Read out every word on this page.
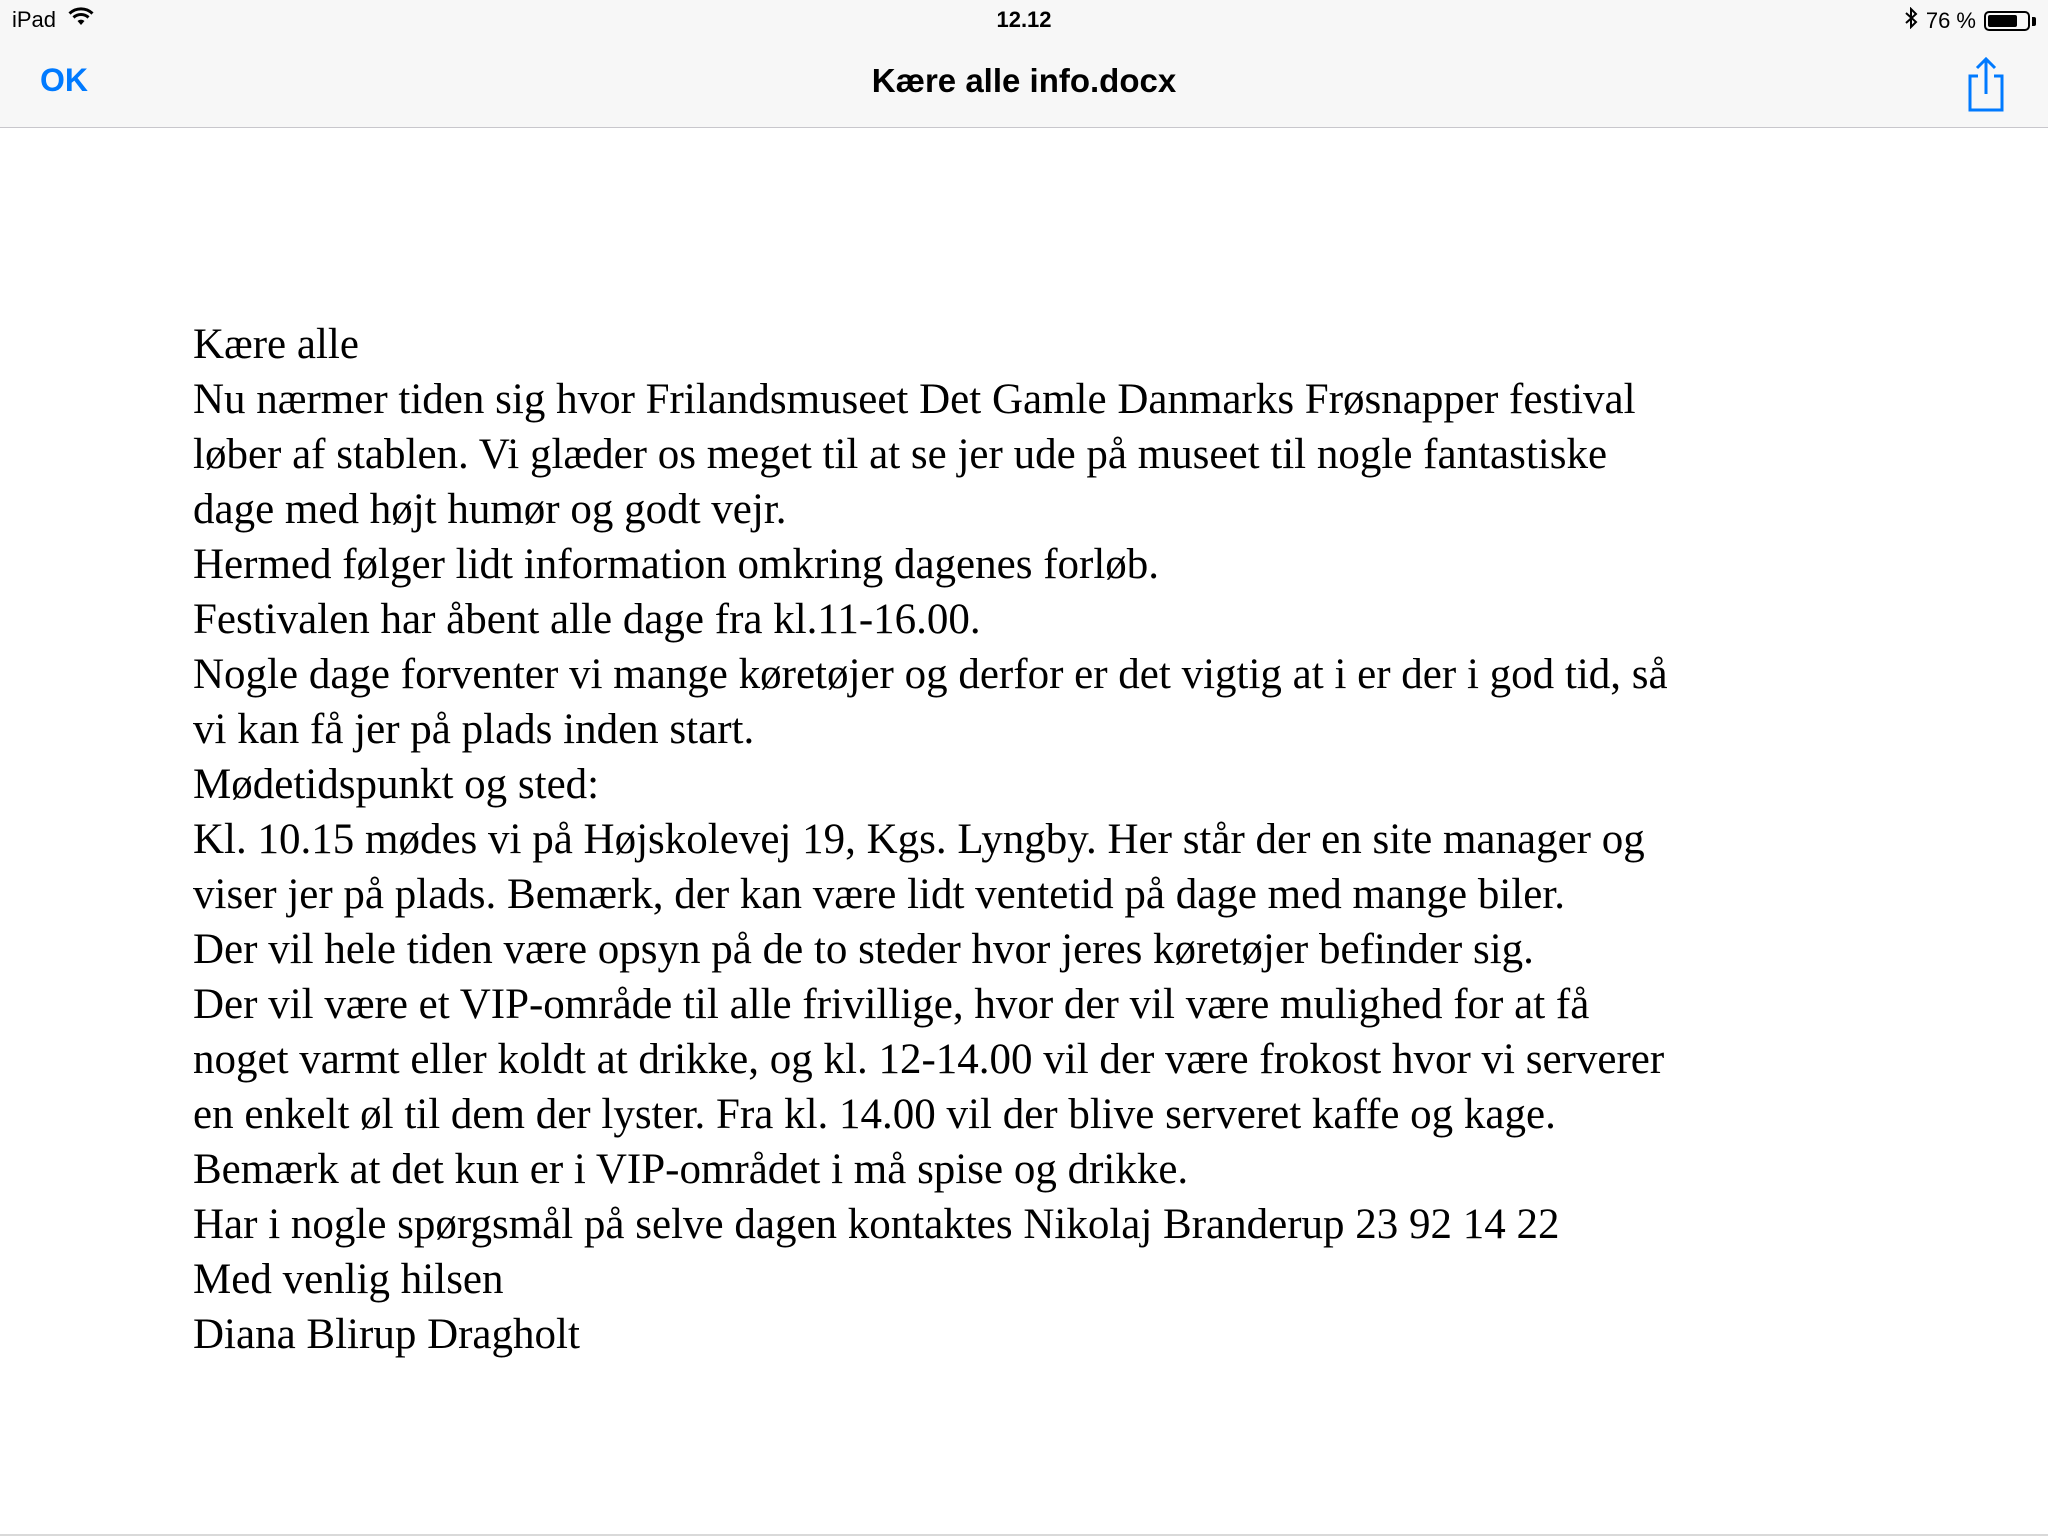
iPad	12.12	76 %
OK	Kære alle info.docx
Kære alle
Nu nærmer tiden sig hvor Frilandsmuseet Det Gamle Danmarks Frøsnapper festival
løber af stablen. Vi glæder os meget til at se jer ude på museet til nogle fantastiske
dage med højt humør og godt vejr.
Hermed følger lidt information omkring dagenes forløb.
Festivalen har åbent alle dage fra kl.11-16.00.
Nogle dage forventer vi mange køretøjer og derfor er det vigtig at i er der i god tid, så
vi kan få jer på plads inden start.
Mødetidspunkt og sted:
Kl. 10.15 mødes vi på Højskolevej 19, Kgs. Lyngby. Her står der en site manager og
viser jer på plads. Bemærk, der kan være lidt ventetid på dage med mange biler.
Der vil hele tiden være opsyn på de to steder hvor jeres køretøjer befinder sig.
Der vil være et VIP-område til alle frivillige, hvor der vil være mulighed for at få
noget varmt eller koldt at drikke, og kl. 12-14.00 vil der være frokost hvor vi serverer
en enkelt øl til dem der lyster. Fra kl. 14.00 vil der blive serveret kaffe og kage.
Bemærk at det kun er i VIP-området i må spise og drikke.
Har i nogle spørgsmål på selve dagen kontaktes Nikolaj Branderup 23 92 14 22
Med venlig hilsen
Diana Blirup Dragholt
